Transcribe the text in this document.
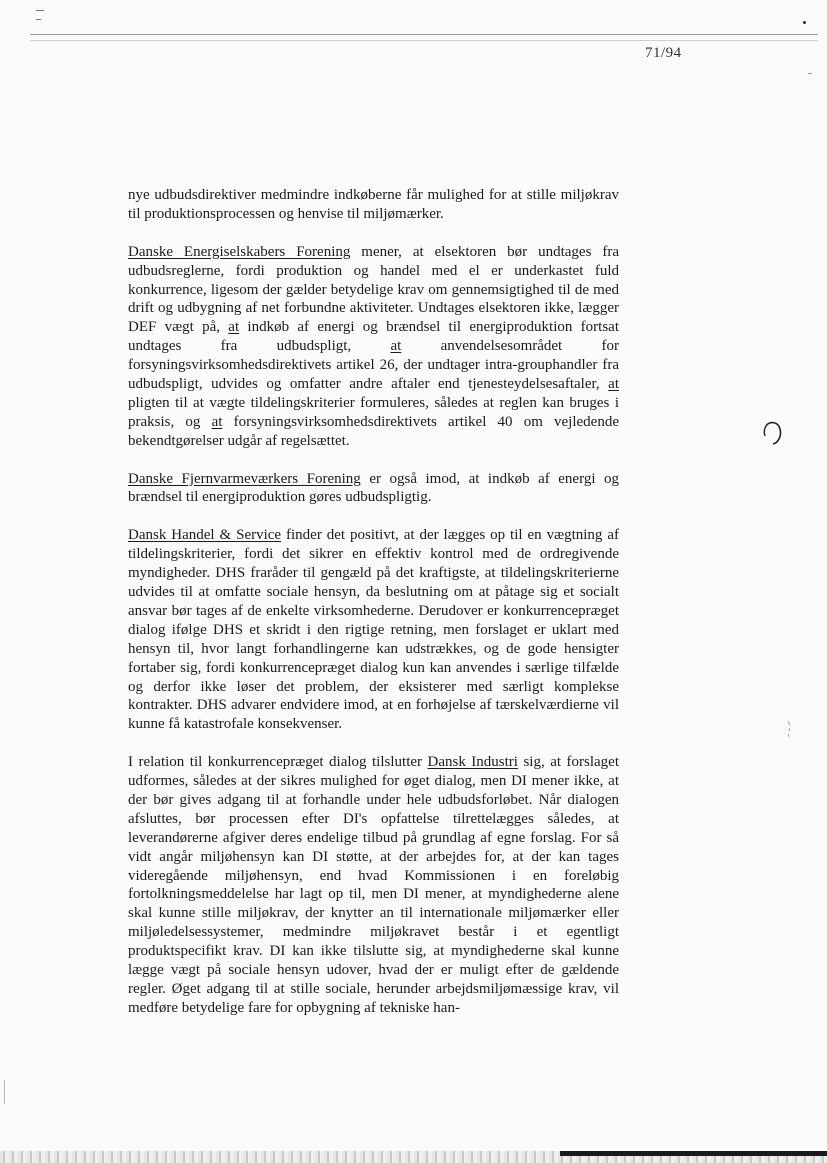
71/94

nye udbudsdirektiver medmindre indkøberne får mulighed for at stille miljøkrav til produktionsprocessen og henvise til miljømærker.

Danske Energiselskabers Forening mener, at elsektoren bør undtages fra udbudsreglerne, fordi produktion og handel med el er underkastet fuld konkurrence, ligesom der gælder betydelige krav om gennemsigtighed til de med drift og udbygning af net forbundne aktiviteter. Undtages elsektoren ikke, lægger DEF vægt på, at indkøb af energi og brændsel til energiproduktion fortsat undtages fra udbudspligt, at anvendelsesområdet for forsyningsvirksomhedsdirektivets artikel 26, der undtager intra-grouphandler fra udbudspligt, udvides og omfatter andre aftaler end tjenesteydelsesaftaler, at pligten til at vægte tildelingskriterier formuleres, således at reglen kan bruges i praksis, og at forsyningsvirksomhedsdirektivets artikel 40 om vejledende bekendtgørelser udgår af regelsættet.

Danske Fjernvarmeværkers Forening er også imod, at indkøb af energi og brændsel til energiproduktion gøres udbudspligtig.

Dansk Handel & Service finder det positivt, at der lægges op til en vægtning af tildelingskriterier, fordi det sikrer en effektiv kontrol med de ordregivende myndigheder. DHS fraråder til gengæld på det kraftigste, at tildelingskriterierne udvides til at omfatte sociale hensyn, da beslutning om at påtage sig et socialt ansvar bør tages af de enkelte virksomhederne. Derudover er konkurrencepræget dialog ifølge DHS et skridt i den rigtige retning, men forslaget er uklart med hensyn til, hvor langt forhandlingerne kan udstrækkes, og de gode hensigter fortaber sig, fordi konkurrencepræget dialog kun kan anvendes i særlige tilfælde og derfor ikke løser det problem, der eksisterer med særligt komplekse kontrakter. DHS advarer endvidere imod, at en forhøjelse af tærskelværdierne vil kunne få katastrofale konsekvenser.

I relation til konkurrencepræget dialog tilslutter Dansk Industri sig, at forslaget udformes, således at der sikres mulighed for øget dialog, men DI mener ikke, at der bør gives adgang til at forhandle under hele udbudsforløbet. Når dialogen afsluttes, bør processen efter DI's opfattelse tilrettelægges således, at leverandørerne afgiver deres endelige tilbud på grundlag af egne forslag. For så vidt angår miljøhensyn kan DI støtte, at der arbejdes for, at der kan tages videregående miljøhensyn, end hvad Kommissionen i en foreløbig fortolkningsmeddelelse har lagt op til, men DI mener, at myndighederne alene skal kunne stille miljøkrav, der knytter an til internationale miljømærker eller miljøledelsessystemer, medmindre miljøkravet består i et egentligt produktspecifikt krav. DI kan ikke tilslutte sig, at myndighederne skal kunne lægge vægt på sociale hensyn udover, hvad der er muligt efter de gældende regler. Øget adgang til at stille sociale, herunder arbejdsmiljømæssige krav, vil medføre betydelige fare for opbygning af tekniske han-
